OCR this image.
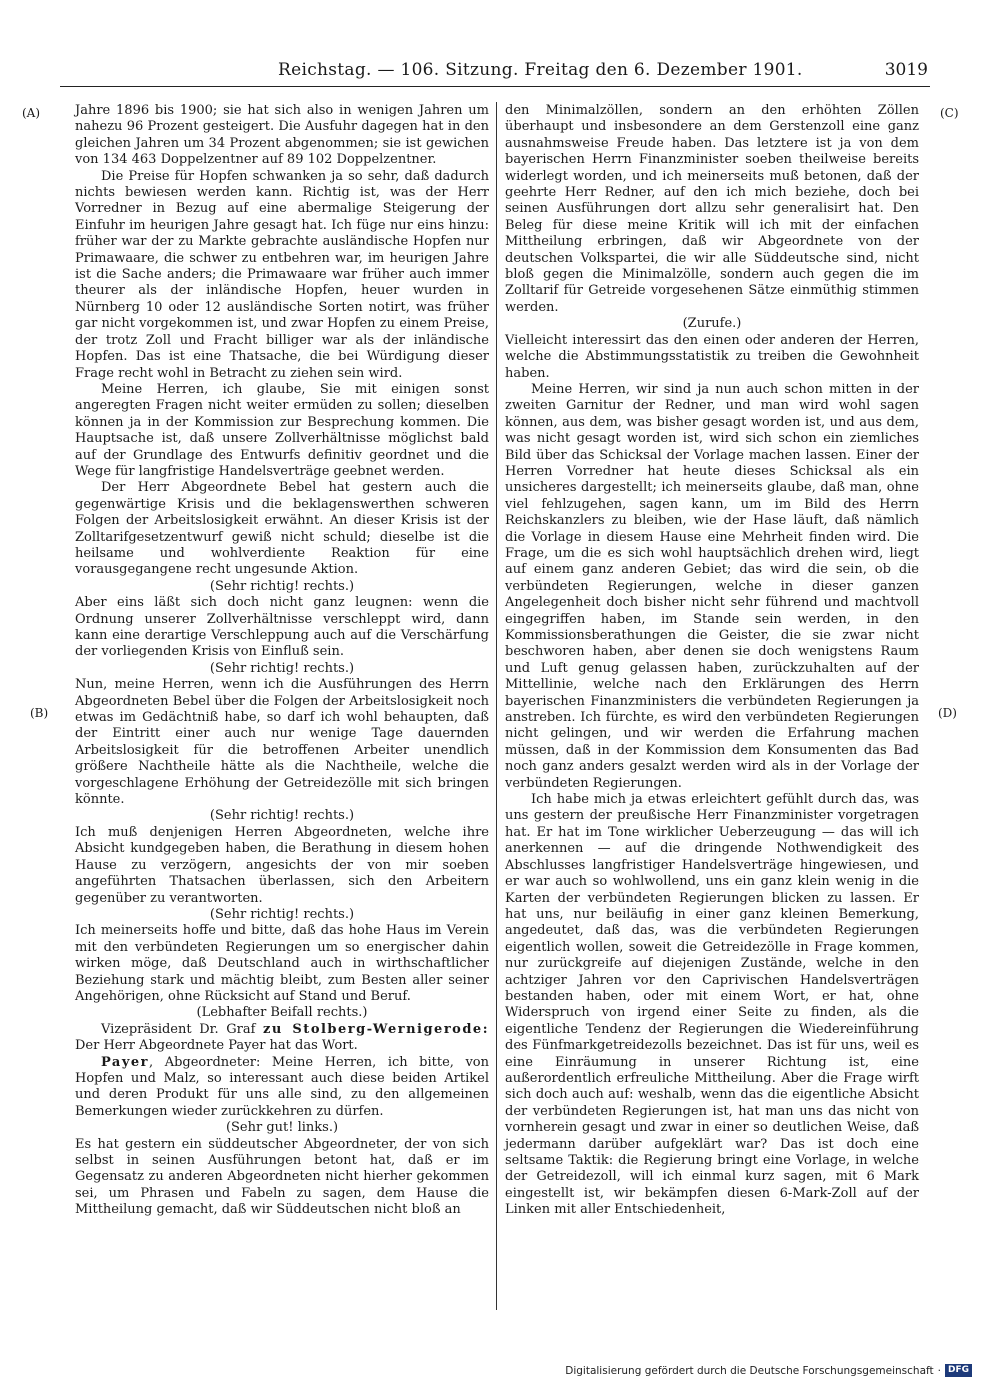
Reichstag. — 106. Sitzung. Freitag den 6. Dezember 1901.	3019
(A)
(B)
(C)
(D)

Jahre 1896 bis 1900; sie hat sich also in wenigen Jahren um nahezu 96 Prozent gesteigert. Die Ausfuhr dagegen hat in den gleichen Jahren um 34 Prozent abgenommen; sie ist gewichen von 134 463 Doppelzentner auf 89 102 Doppelzentner.

Die Preise für Hopfen schwanken ja so sehr, daß dadurch nichts bewiesen werden kann. Richtig ist, was der Herr Vorredner in Bezug auf eine abermalige Steigerung der Einfuhr im heurigen Jahre gesagt hat. Ich füge nur eins hinzu: früher war der zu Markte gebrachte ausländische Hopfen nur Primawaare, die schwer zu entbehren war, im heurigen Jahre ist die Sache anders; die Primawaare war früher auch immer theurer als der inländische Hopfen, heuer wurden in Nürnberg 10 oder 12 ausländische Sorten notirt, was früher gar nicht vorgekommen ist, und zwar Hopfen zu einem Preise, der trotz Zoll und Fracht billiger war als der inländische Hopfen. Das ist eine Thatsache, die bei Würdigung dieser Frage recht wohl in Betracht zu ziehen sein wird.

Meine Herren, ich glaube, Sie mit einigen sonst angeregten Fragen nicht weiter ermüden zu sollen; dieselben können ja in der Kommission zur Besprechung kommen. Die Hauptsache ist, daß unsere Zollverhältnisse möglichst bald auf der Grundlage des Entwurfs definitiv geordnet und die Wege für langfristige Handelsverträge geebnet werden.

Der Herr Abgeordnete Bebel hat gestern auch die gegenwärtige Krisis und die beklagenswerthen schweren Folgen der Arbeitslosigkeit erwähnt. An dieser Krisis ist der Zolltarifgesetzentwurf gewiß nicht schuld; dieselbe ist die heilsame und wohlverdiente Reaktion für eine vorausgegangene recht ungesunde Aktion.

(Sehr richtig! rechts.)

Aber eins läßt sich doch nicht ganz leugnen: wenn die Ordnung unserer Zollverhältnisse verschleppt wird, dann kann eine derartige Verschleppung auch auf die Verschärfung der vorliegenden Krisis von Einfluß sein.

(Sehr richtig! rechts.)

Nun, meine Herren, wenn ich die Ausführungen des Herrn Abgeordneten Bebel über die Folgen der Arbeitslosigkeit noch etwas im Gedächtniß habe, so darf ich wohl behaupten, daß der Eintritt einer auch nur wenige Tage dauernden Arbeitslosigkeit für die betroffenen Arbeiter unendlich größere Nachtheile hätte als die Nachtheile, welche die vorgeschlagene Erhöhung der Getreidezölle mit sich bringen könnte.

(Sehr richtig! rechts.)

Ich muß denjenigen Herren Abgeordneten, welche ihre Absicht kundgegeben haben, die Berathung in diesem hohen Hause zu verzögern, angesichts der von mir soeben angeführten Thatsachen überlassen, sich den Arbeitern gegenüber zu verantworten.

(Sehr richtig! rechts.)

Ich meinerseits hoffe und bitte, daß das hohe Haus im Verein mit den verbündeten Regierungen um so energischer dahin wirken möge, daß Deutschland auch in wirthschaftlicher Beziehung stark und mächtig bleibt, zum Besten aller seiner Angehörigen, ohne Rücksicht auf Stand und Beruf.

(Lebhafter Beifall rechts.)

Vizepräsident Dr. Graf zu Stolberg-Wernigerode: Der Herr Abgeordnete Payer hat das Wort.

Payer, Abgeordneter: Meine Herren, ich bitte, von Hopfen und Malz, so interessant auch diese beiden Artikel und deren Produkt für uns alle sind, zu den allgemeinen Bemerkungen wieder zurückkehren zu dürfen.

(Sehr gut! links.)

Es hat gestern ein süddeutscher Abgeordneter, der von sich selbst in seinen Ausführungen betont hat, daß er im Gegensatz zu anderen Abgeordneten nicht hierher gekommen sei, um Phrasen und Fabeln zu sagen, dem Hause die Mittheilung gemacht, daß wir Süddeutschen nicht bloß an

den Minimalzöllen, sondern an den erhöhten Zöllen überhaupt und insbesondere an dem Gerstenzoll eine ganz ausnahmsweise Freude haben. Das letztere ist ja von dem bayerischen Herrn Finanzminister soeben theilweise bereits widerlegt worden, und ich meinerseits muß betonen, daß der geehrte Herr Redner, auf den ich mich beziehe, doch bei seinen Ausführungen dort allzu sehr generalisirt hat. Den Beleg für diese meine Kritik will ich mit der einfachen Mittheilung erbringen, daß wir Abgeordnete von der deutschen Volkspartei, die wir alle Süddeutsche sind, nicht bloß gegen die Minimalzölle, sondern auch gegen die im Zolltarif für Getreide vorgesehenen Sätze einmüthig stimmen werden.

(Zurufe.)

Vielleicht interessirt das den einen oder anderen der Herren, welche die Abstimmungsstatistik zu treiben die Gewohnheit haben.

Meine Herren, wir sind ja nun auch schon mitten in der zweiten Garnitur der Redner, und man wird wohl sagen können, aus dem, was bisher gesagt worden ist, und aus dem, was nicht gesagt worden ist, wird sich schon ein ziemliches Bild über das Schicksal der Vorlage machen lassen. Einer der Herren Vorredner hat heute dieses Schicksal als ein unsicheres dargestellt; ich meinerseits glaube, daß man, ohne viel fehlzugehen, sagen kann, um im Bild des Herrn Reichskanzlers zu bleiben, wie der Hase läuft, daß nämlich die Vorlage in diesem Hause eine Mehrheit finden wird. Die Frage, um die es sich wohl hauptsächlich drehen wird, liegt auf einem ganz anderen Gebiet; das wird die sein, ob die verbündeten Regierungen, welche in dieser ganzen Angelegenheit doch bisher nicht sehr führend und machtvoll eingegriffen haben, im Stande sein werden, in den Kommissionsberathungen die Geister, die sie zwar nicht beschworen haben, aber denen sie doch wenigstens Raum und Luft genug gelassen haben, zurückzuhalten auf der Mittellinie, welche nach den Erklärungen des Herrn bayerischen Finanzministers die verbündeten Regierungen ja anstreben. Ich fürchte, es wird den verbündeten Regierungen nicht gelingen, und wir werden die Erfahrung machen müssen, daß in der Kommission dem Konsumenten das Bad noch ganz anders gesalzt werden wird als in der Vorlage der verbündeten Regierungen.

Ich habe mich ja etwas erleichtert gefühlt durch das, was uns gestern der preußische Herr Finanzminister vorgetragen hat. Er hat im Tone wirklicher Ueberzeugung — das will ich anerkennen — auf die dringende Nothwendigkeit des Abschlusses langfristiger Handelsverträge hingewiesen, und er war auch so wohlwollend, uns ein ganz klein wenig in die Karten der verbündeten Regierungen blicken zu lassen. Er hat uns, nur beiläufig in einer ganz kleinen Bemerkung, angedeutet, daß das, was die verbündeten Regierungen eigentlich wollen, soweit die Getreidezölle in Frage kommen, nur zurückgreife auf diejenigen Zustände, welche in den achtziger Jahren vor den Caprivischen Handelsverträgen bestanden haben, oder mit einem Wort, er hat, ohne Widerspruch von irgend einer Seite zu finden, als die eigentliche Tendenz der Regierungen die Wiedereinführung des Fünfmarkgetreidezolls bezeichnet. Das ist für uns, weil es eine Einräumung in unserer Richtung ist, eine außerordentlich erfreuliche Mittheilung. Aber die Frage wirft sich doch auch auf: weshalb, wenn das die eigentliche Absicht der verbündeten Regierungen ist, hat man uns das nicht von vornherein gesagt und zwar in einer so deutlichen Weise, daß jedermann darüber aufgeklärt war? Das ist doch eine seltsame Taktik: die Regierung bringt eine Vorlage, in welche der Getreidezoll, will ich einmal kurz sagen, mit 6 Mark eingestellt ist, wir bekämpfen diesen 6-Mark-Zoll auf der Linken mit aller Entschiedenheit,

Digitalisierung gefördert durch die Deutsche Forschungsgemeinschaft · DFG
